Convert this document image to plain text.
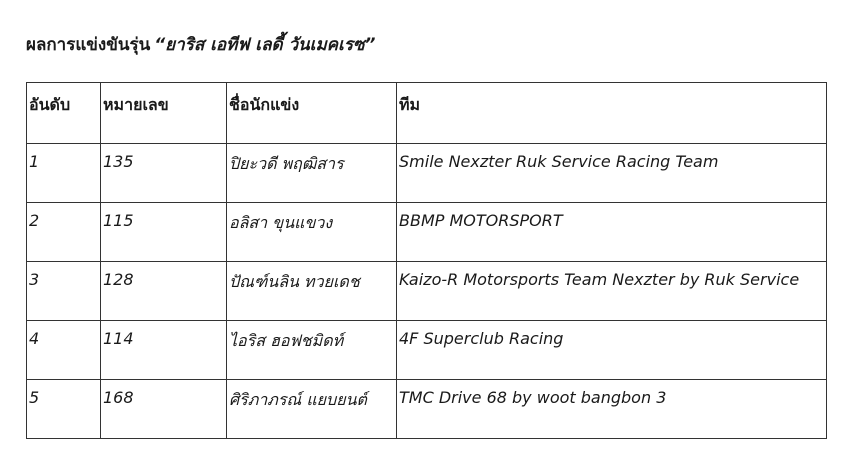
ผลการแข่งขันรุ่น “ยาริส เอทีฟ เลดี้ วันเมคเรซ”
อันดับ	หมายเลข	ชื่อนักแข่ง	ทีม
1	135	ปิยะวดี พฤฒิสาร	Smile Nexzter Ruk Service Racing Team
2	115	อลิสา ขุนแขวง	BBMP MOTORSPORT
3	128	ปัณฑ์นลิน ทวยเดช	Kaizo-R Motorsports Team Nexzter by Ruk Service
4	114	ไอริส ฮอฟชมิดท์	4F Superclub Racing
5	168	ศิริภาภรณ์ แยบยนต์	TMC Drive 68 by woot bangbon 3
